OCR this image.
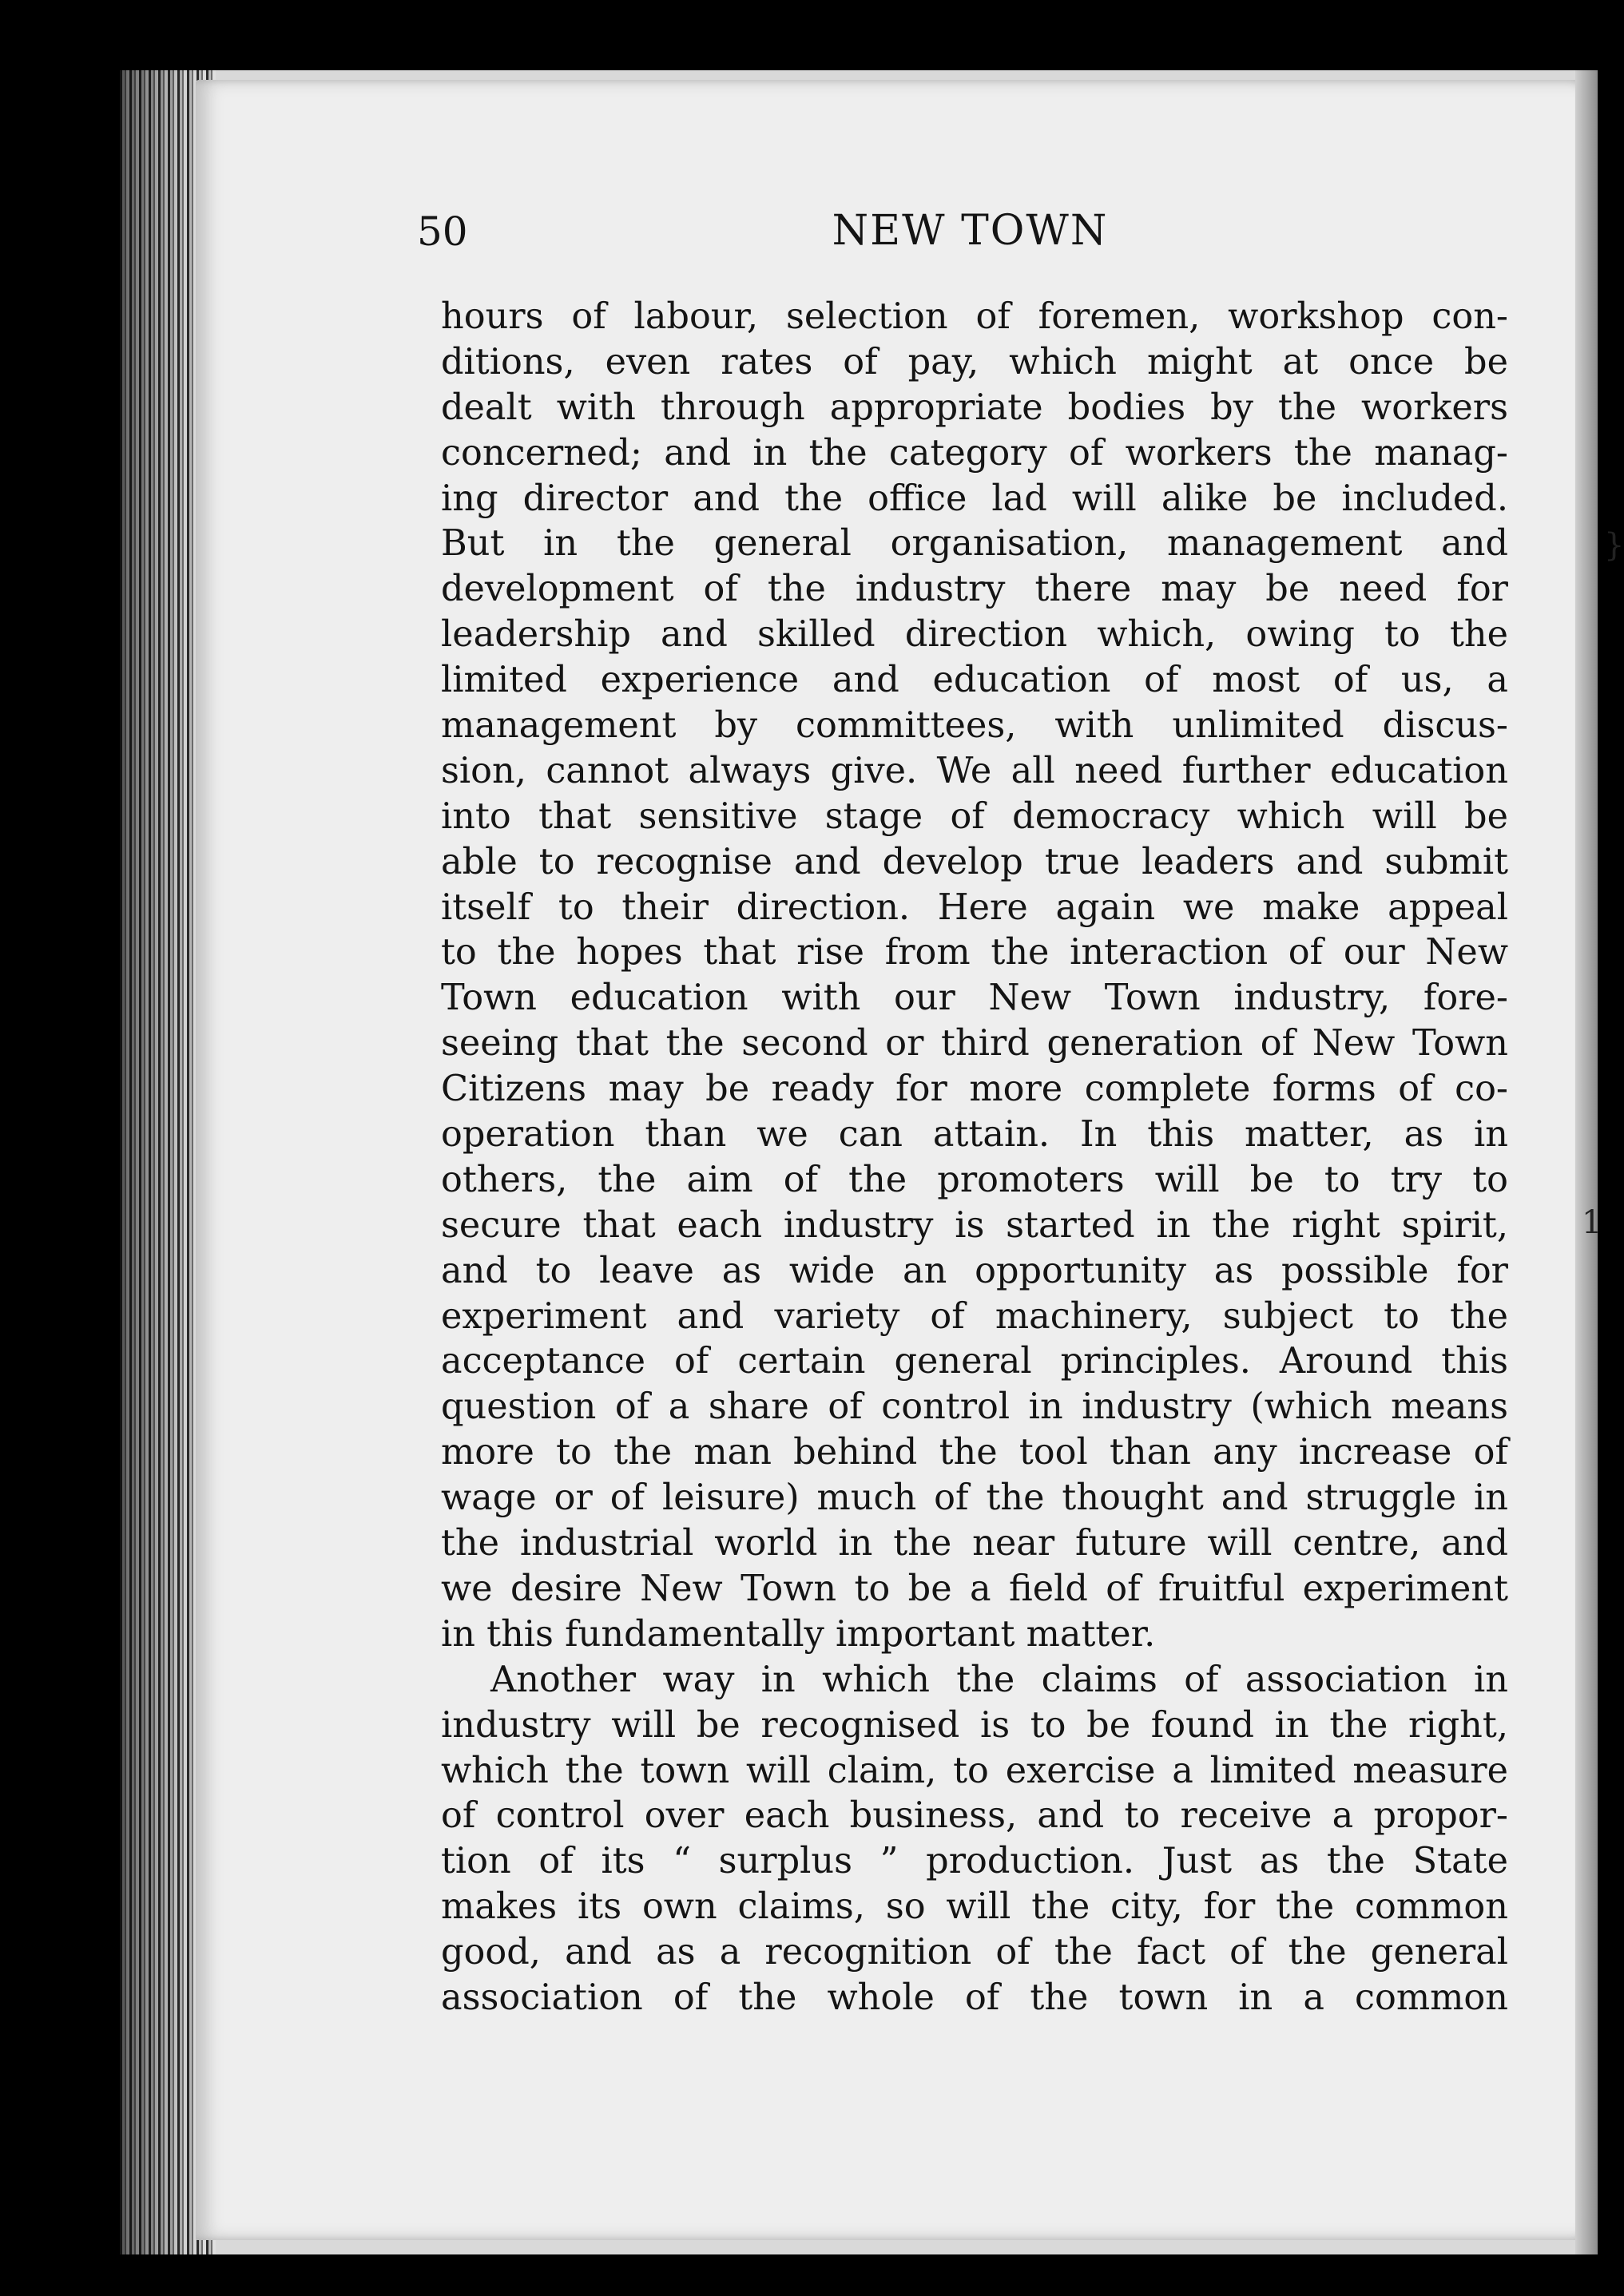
50	NEW TOWN
hours of labour, selection of foremen, workshop con-
ditions, even rates of pay, which might at once be
dealt with through appropriate bodies by the workers
concerned; and in the category of workers the manag-
ing director and the office lad will alike be included.
But in the general organisation, management and
development of the industry there may be need for
leadership and skilled direction which, owing to the
limited experience and education of most of us, a
management by committees, with unlimited discus-
sion, cannot always give. We all need further education
into that sensitive stage of democracy which will be
able to recognise and develop true leaders and submit
itself to their direction. Here again we make appeal
to the hopes that rise from the interaction of our New
Town education with our New Town industry, fore-
seeing that the second or third generation of New Town
Citizens may be ready for more complete forms of co-
operation than we can attain. In this matter, as in
others, the aim of the promoters will be to try to
secure that each industry is started in the right spirit,
and to leave as wide an opportunity as possible for
experiment and variety of machinery, subject to the
acceptance of certain general principles. Around this
question of a share of control in industry (which means
more to the man behind the tool than any increase of
wage or of leisure) much of the thought and struggle in
the industrial world in the near future will centre, and
we desire New Town to be a field of fruitful experiment
in this fundamentally important matter.
Another way in which the claims of association in
industry will be recognised is to be found in the right,
which the town will claim, to exercise a limited measure
of control over each business, and to receive a propor-
tion of its “ surplus ” production. Just as the State
makes its own claims, so will the city, for the common
good, and as a recognition of the fact of the general
association of the whole of the town in a common
}
1
